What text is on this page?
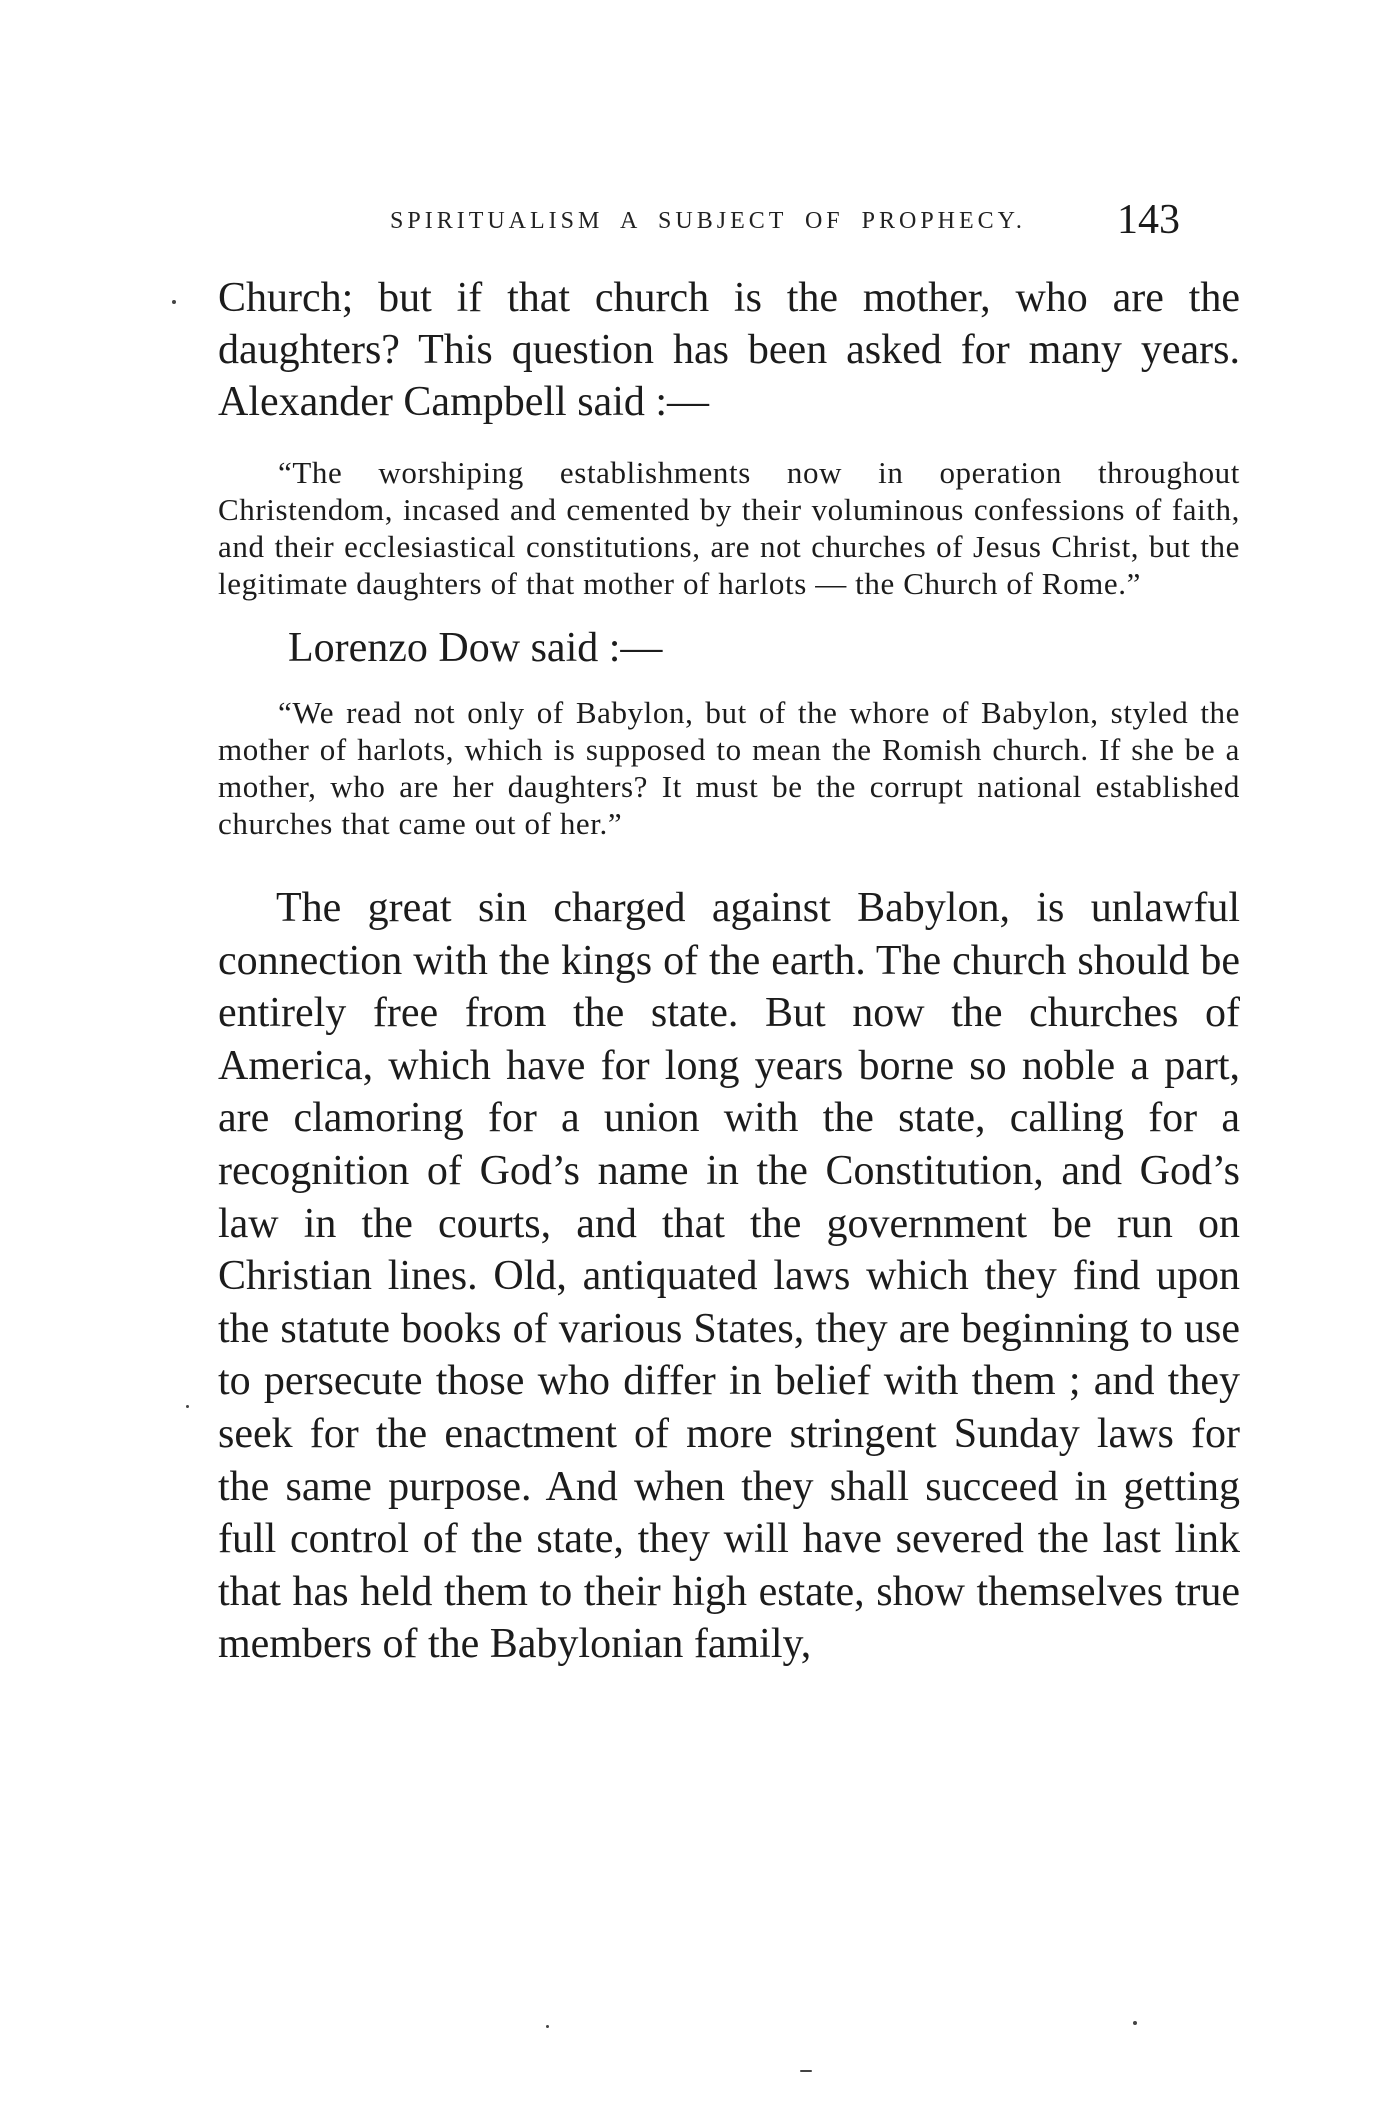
SPIRITUALISM A SUBJECT OF PROPHECY. 143

Church; but if that church is the mother, who are the daughters? This question has been asked for many years. Alexander Campbell said :—

“The worshiping establishments now in operation throughout Christendom, incased and cemented by their voluminous confessions of faith, and their ecclesiastical constitutions, are not churches of Jesus Christ, but the legitimate daughters of that mother of harlots — the Church of Rome.”

Lorenzo Dow said :—

“We read not only of Babylon, but of the whore of Babylon, styled the mother of harlots, which is supposed to mean the Romish church. If she be a mother, who are her daughters? It must be the corrupt national established churches that came out of her.”

The great sin charged against Babylon, is unlawful connection with the kings of the earth. The church should be entirely free from the state. But now the churches of America, which have for long years borne so noble a part, are clamoring for a union with the state, calling for a recognition of God’s name in the Constitution, and God’s law in the courts, and that the government be run on Christian lines. Old, antiquated laws which they find upon the statute books of various States, they are beginning to use to persecute those who differ in belief with them ; and they seek for the enactment of more stringent Sunday laws for the same purpose. And when they shall succeed in getting full control of the state, they will have severed the last link that has held them to their high estate, show themselves true members of the Babylonian family,
